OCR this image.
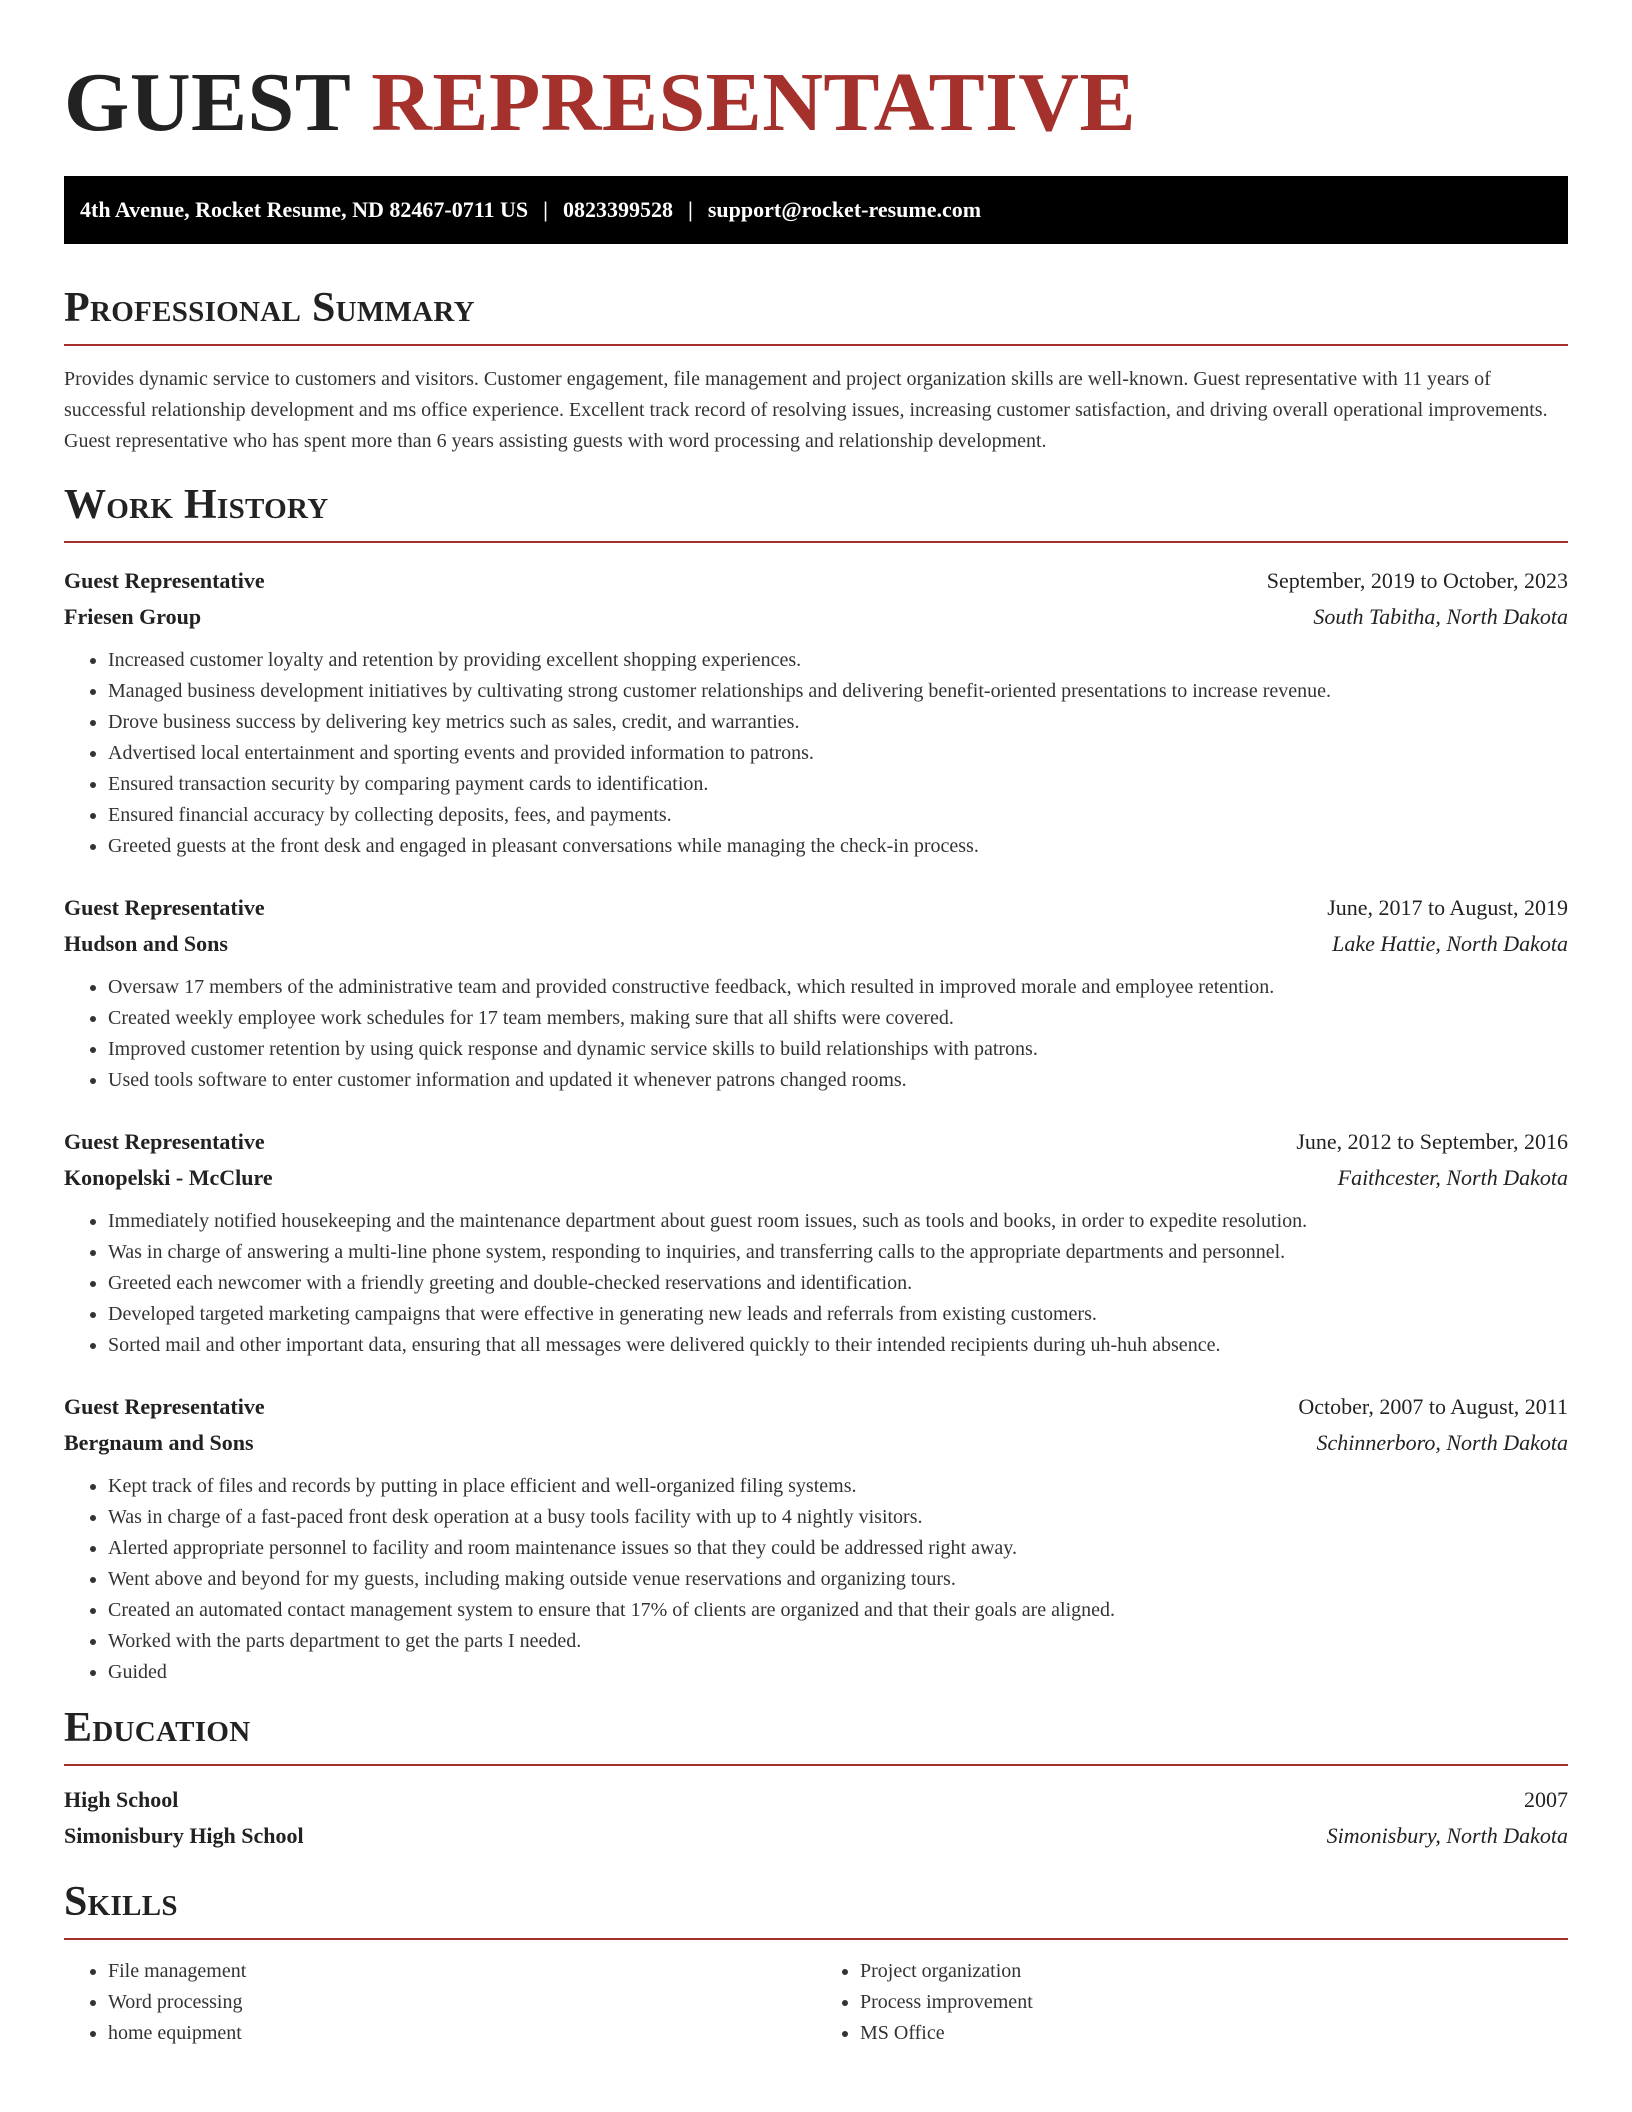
GUEST REPRESENTATIVE
4th Avenue, Rocket Resume, ND 82467-0711 US | 0823399528 | support@rocket-resume.com
Professional Summary

Provides dynamic service to customers and visitors. Customer engagement, file management and project organization skills are well-known. Guest representative with 11 years of successful relationship development and ms office experience. Excellent track record of resolving issues, increasing customer satisfaction, and driving overall operational improvements. Guest representative who has spent more than 6 years assisting guests with word processing and relationship development.

Work History
Guest Representative	September, 2019 to October, 2023
Friesen Group	South Tabitha, North Dakota
• Increased customer loyalty and retention by providing excellent shopping experiences.
• Managed business development initiatives by cultivating strong customer relationships and delivering benefit-oriented presentations to increase revenue.
• Drove business success by delivering key metrics such as sales, credit, and warranties.
• Advertised local entertainment and sporting events and provided information to patrons.
• Ensured transaction security by comparing payment cards to identification.
• Ensured financial accuracy by collecting deposits, fees, and payments.
• Greeted guests at the front desk and engaged in pleasant conversations while managing the check-in process.
Guest Representative	June, 2017 to August, 2019
Hudson and Sons	Lake Hattie, North Dakota
• Oversaw 17 members of the administrative team and provided constructive feedback, which resulted in improved morale and employee retention.
• Created weekly employee work schedules for 17 team members, making sure that all shifts were covered.
• Improved customer retention by using quick response and dynamic service skills to build relationships with patrons.
• Used tools software to enter customer information and updated it whenever patrons changed rooms.
Guest Representative	June, 2012 to September, 2016
Konopelski - McClure	Faithcester, North Dakota
• Immediately notified housekeeping and the maintenance department about guest room issues, such as tools and books, in order to expedite resolution.
• Was in charge of answering a multi-line phone system, responding to inquiries, and transferring calls to the appropriate departments and personnel.
• Greeted each newcomer with a friendly greeting and double-checked reservations and identification.
• Developed targeted marketing campaigns that were effective in generating new leads and referrals from existing customers.
• Sorted mail and other important data, ensuring that all messages were delivered quickly to their intended recipients during uh-huh absence.
Guest Representative	October, 2007 to August, 2011
Bergnaum and Sons	Schinnerboro, North Dakota
• Kept track of files and records by putting in place efficient and well-organized filing systems.
• Was in charge of a fast-paced front desk operation at a busy tools facility with up to 4 nightly visitors.
• Alerted appropriate personnel to facility and room maintenance issues so that they could be addressed right away.
• Went above and beyond for my guests, including making outside venue reservations and organizing tours.
• Created an automated contact management system to ensure that 17% of clients are organized and that their goals are aligned.
• Worked with the parts department to get the parts I needed.
• Guided
Education
High School	2007
Simonisbury High School	Simonisbury, North Dakota
Skills
• File management
• Word processing
• home equipment
• Project organization
• Process improvement
• MS Office
